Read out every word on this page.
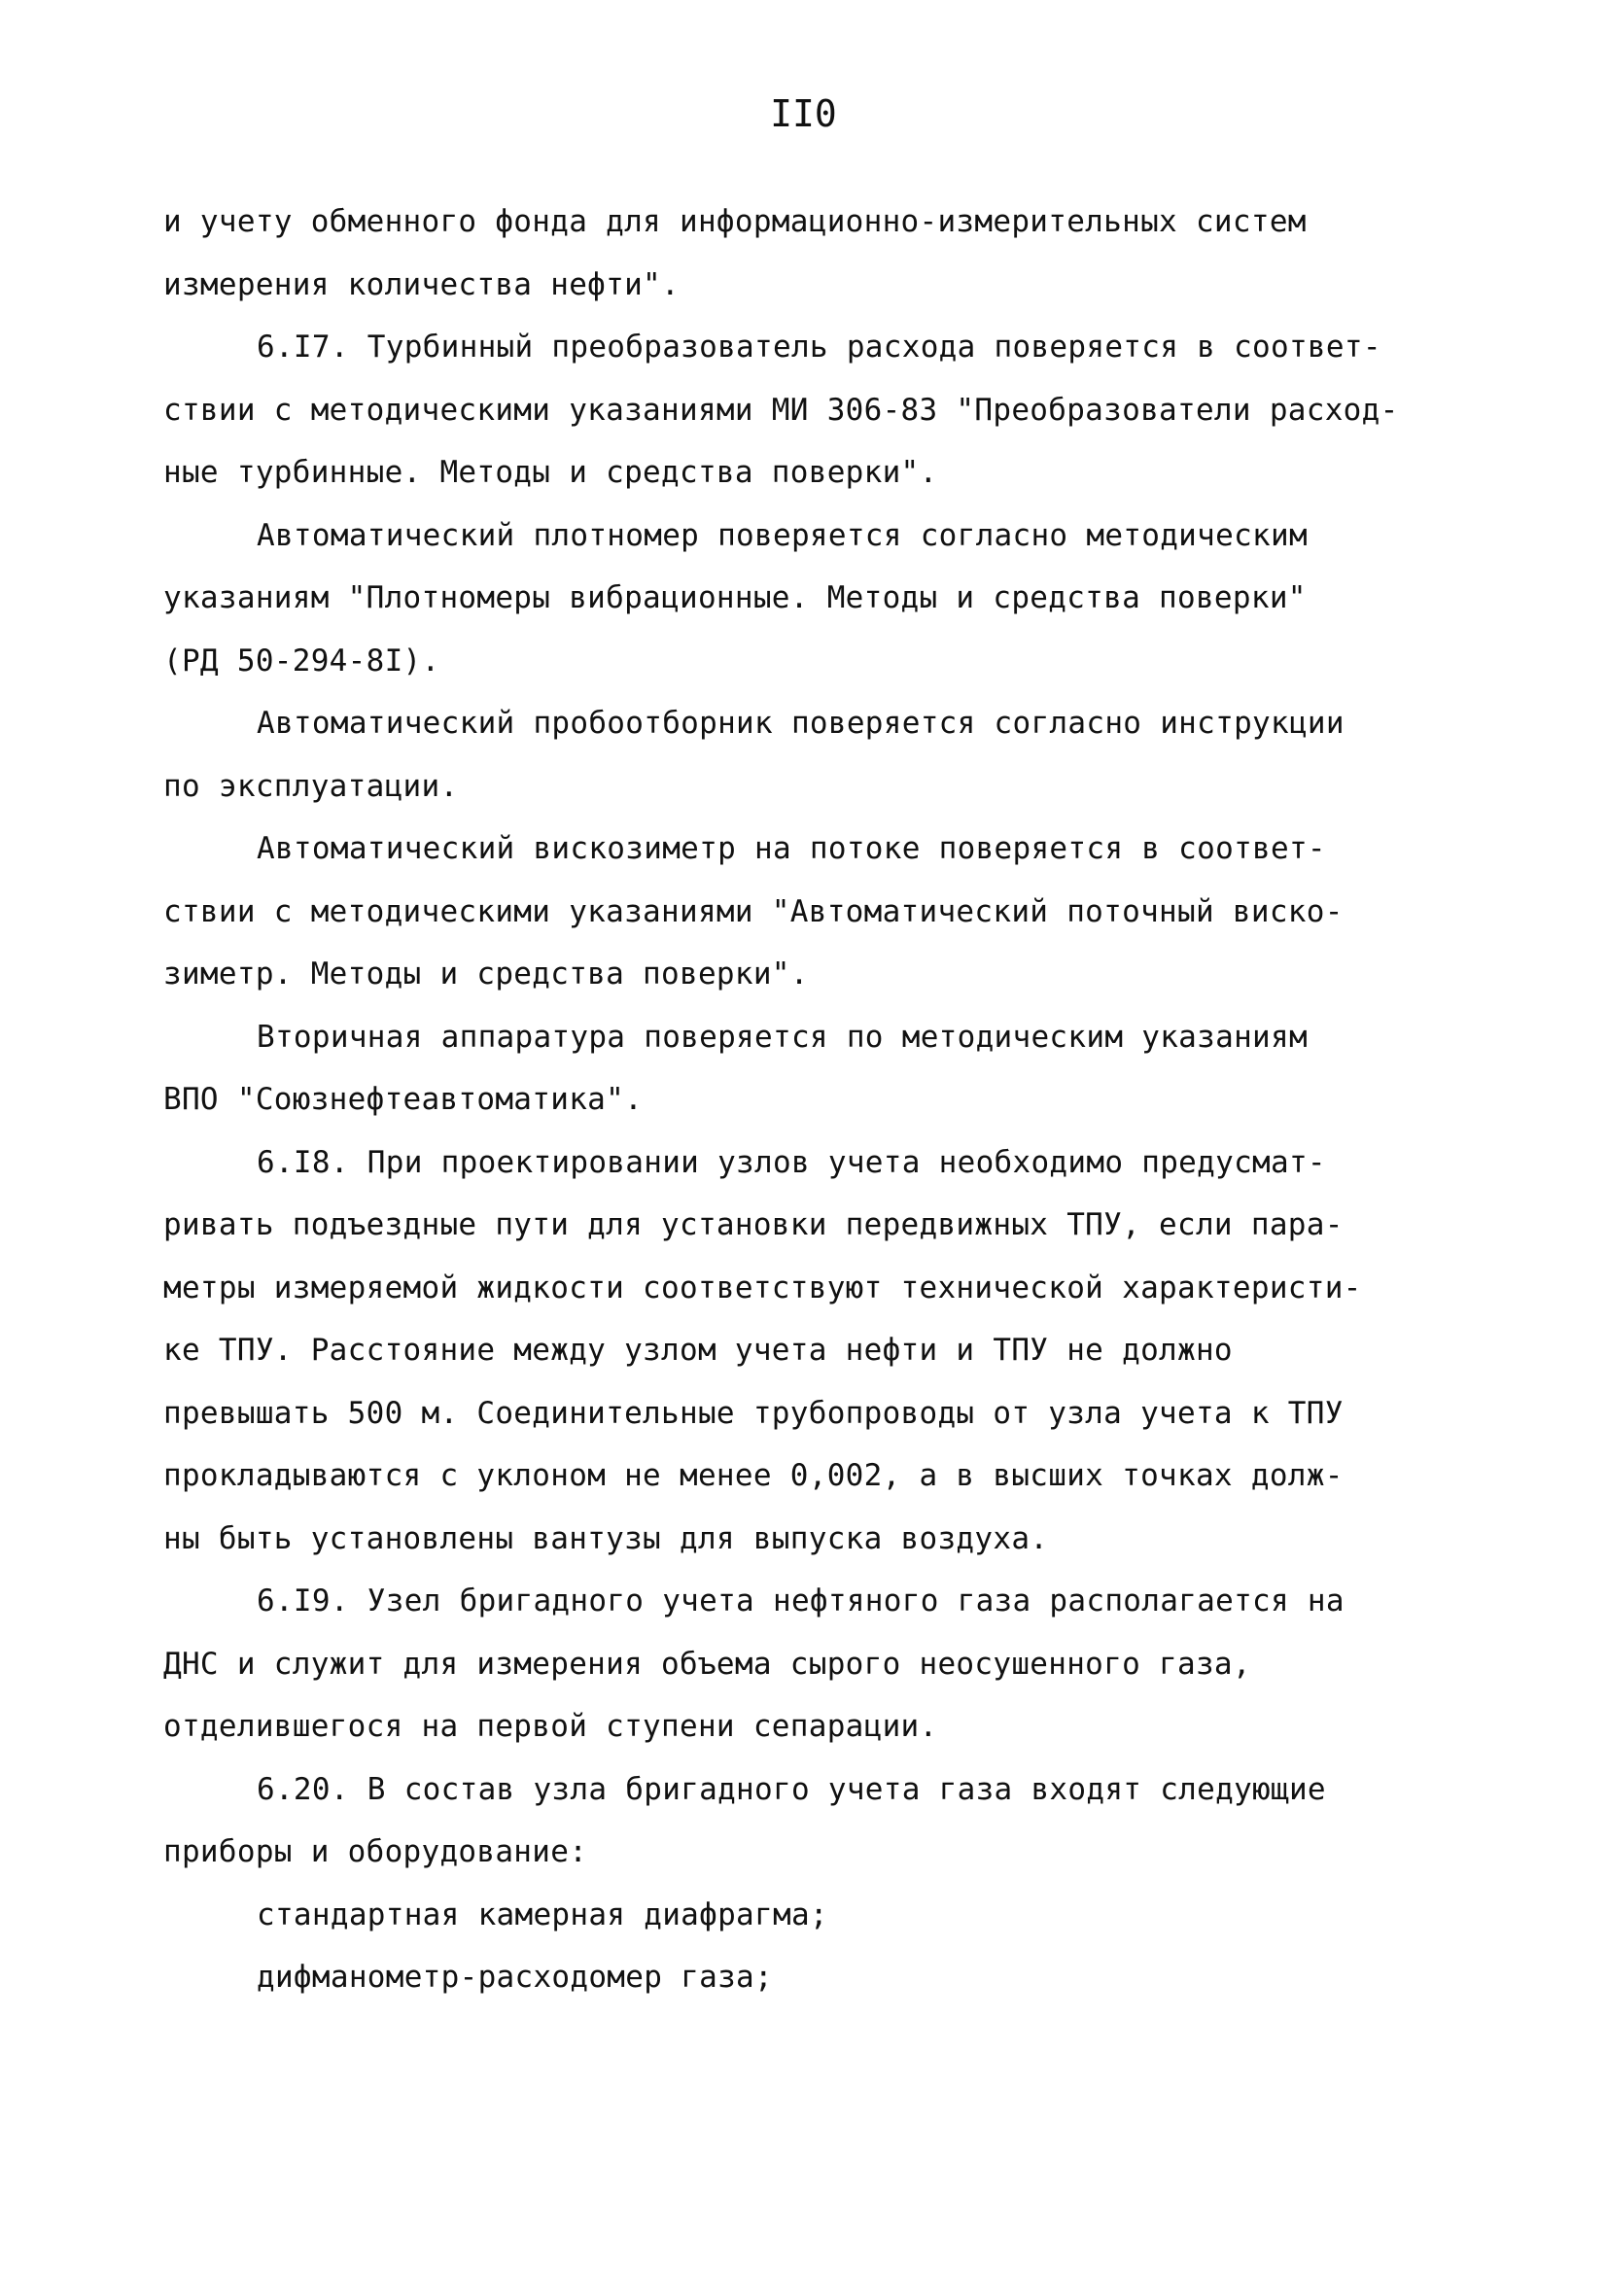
II0
и учету обменного фонда для информационно-измерительных систем
измерения количества нефти".
6.I7. Турбинный преобразователь расхода поверяется в соответ-
ствии с методическими указаниями МИ 306-83 "Преобразователи расход-
ные турбинные. Методы и средства поверки".
Автоматический плотномер поверяется согласно методическим
указаниям "Плотномеры вибрационные. Методы и средства поверки"
(РД 50-294-8I).
Автоматический пробоотборник поверяется согласно инструкции
по эксплуатации.
Автоматический вискозиметр на потоке поверяется в соответ-
ствии с методическими указаниями "Автоматический поточный виско-
зиметр. Методы и средства поверки".
Вторичная аппаратура поверяется по методическим указаниям
ВПО "Союзнефтеавтоматика".
6.I8. При проектировании узлов учета необходимо предусмат-
ривать подъездные пути для установки передвижных ТПУ, если пара-
метры измеряемой жидкости соответствуют технической характеристи-
ке ТПУ. Расстояние между узлом учета нефти и ТПУ не должно
превышать 500 м. Соединительные трубопроводы от узла учета к ТПУ
прокладываются с уклоном не менее 0,002, а в высших точках долж-
ны быть установлены вантузы для выпуска воздуха.
6.I9. Узел бригадного учета нефтяного газа располагается на
ДНС и служит для измерения объема сырого неосушенного газа,
отделившегося на первой ступени сепарации.
6.20. В состав узла бригадного учета газа входят следующие
приборы и оборудование:
стандартная камерная диафрагма;
дифманометр-расходомер газа;
